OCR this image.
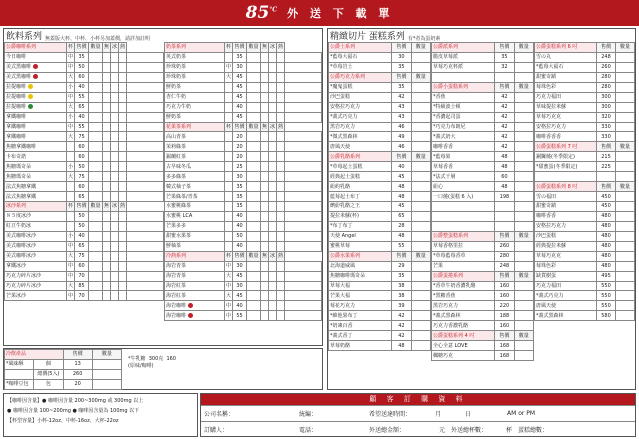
$85^{^\circ C}$ 外 送 下 載 單
飲料系列 無蓋版大杯、中杯、小杯另加蓋價，請詳加註明
公爵咖啡系列	杯	售價	數量	無	冰	熱	
今日咖啡	中	35					
美式黑咖啡	中	50					
美式黑咖啡	大	60					
拉提咖啡	小	40					
拉提咖啡	中	55					
拉提咖啡	大	65					
拿鐵咖啡	小	40					
拿鐵咖啡	中	55					
拿鐵咖啡	大	75					
焦糖拿鐵咖啡		60					
卡布奇諾		60					
焦糖瑪奇朵	小	50					
焦糖瑪奇朵	大	75					
法式焦糖拿鐵		60					
法式焦糖拿鐵		65					
冰沙系列	杯	售價	數量	無	冰	熱	
８５度冰沙		50					
紅豆牛奶冰		50					
美式咖啡冰沙	小	40					
美式咖啡冰沙	中	65					
美式咖啡冰沙	大	75					
拿鐵冰沙	中	60					
巧克力碎片冰沙	中	70					
巧克力碎片冰沙	大	85					
芒果冰沙	中	70					
奶茶系列	杯	售價	數量	無	冰	熱	
英式奶茶		35					
珍珠奶茶	中	30					
珍珠奶茶	大	45					
鮮奶茶		45					
杏仁牛奶		45					
巧克力牛奶		40					
鮮奶茶		45					
花果茶系列	杯	售價	數量	無	冰	熱	
高山青茶		20					
茉莉綠茶		20					
錫蘭紅茶		20					
古早味冬瓜		25					
多多綠茶		30					
韓式柚子茶		35					
芒果綠茶/青茶		35					
水蜜桃綠茶		35					
水蜜桃 LCA		40					
芒果多多		40					
甜蜜水果茶		50					
鮮柚茶		40					
冷熱系列	杯	售價	數量	無	冰	熱	
海岩青茶	中	30					
海岩青茶	大	45					
海岩紅茶	中	30					
海岩紅茶	大	45					
海岩咖啡	中	40					
海岩咖啡	中	55					
冷飲產品		售價	數量
*風味酥	個	13	
	總價(5入)	260	
*咖啡豆包	包	20	
*牛乳糖 300克 160
(原味/咖啡)
精緻切片 蛋糕系列 有*者為蛋奶素
公爵土系列	售價	數量
*藍莓大福石	30	
*草莓岩土	35	
公爵巧克力系列	售價	數量
*魔鬼蛋糕	35	
沙巴蛋糕	42	
安格拉巧克力	43	
*義式巧克力	43	
黑岩巧克力	46	
*微式黑森林	49	
唐風天使	46	
公爵乳酪系列	售價	數量
*草莓起士蛋糕	40	
經典起士蛋糕	45	
紐約乳酪	48	
藍莓起士布丁	48	
繽紛乳酪之王	45	
提拉米蘇(杯)	65	
*布丁布丁	28	
天使 Angel	48	
蜜桃草莓	55	
公爵水果系列	售價	數量
北海道威風	29	
焦糖咖啡瑪奇朵	35	
草莓大福	38	
芒果大福	38	
莓花巧克力	39	
*維他果布丁	42	
*奶凍百香	42	
*義式香丁	42	
草莓奶酪	48	
公爵派系列	售價	數量
脆皮草莓派	35	
草莓巧克杯派	32	

公爵小蛋糕系列	售價	數量
*香蕉	42	
*特級波士頓	42	
*香濃起司蛋	42	
*巧克力布朗尼	42	
*義式奶大	42	
咖啡香香	42	
*藍莓果	48	
草莓香香	48	
*法式千層	60	
紐心	48	
一口燒(蛋糕 6 入)	198	

公爵整蛋糕系列	售價	數量
草莓香格里拉	260	
*草莓藍莓香草	280	
芒果	248	
公爵蛋捲系列	售價	數量
*香草牛奶香濃乳酪	160	
*黑糖香蕉	160	
黑岩巧克力	220	
*義式黑森林	188	
巧克力香濃乳酪	160	
公爵蛋糕系列 4 吋	售價	數量
全心全意 LOVE	168	
楓糖巧克	168	
公爵蛋糕系列 6 吋	售價	數量
雪の丸	248	
*藍莓大福石	260	
甜蜜奇蹟	280	
莓珠色彩	280	
巧克力福田	300	
草味提拉米蘇	300	
草莓巧克克	320	
安格拉巧克力	330	
咖啡香香香	330	
公爵蛋糕系列 7 吋	售價	數量
銅鑼燒(冬季限定)	215	
*甜蜜蛋(冬季限定)	225	

公爵蛋糕系列 8 吋	售價	數量
雪の福田	450	
甜蜜奇蹟	450	
咖啡香香	480	
安格拉巧克力	480	
沙巴蛋糕	480	
經典提拉米蘇	480	
草莓巧克克	480	
莓珠色彩	480	
缺貨樹蛋	495	
巧克力福田	550	
*義式巧克力	550	
唐風天使	550	
*義式黑森林	580	
【咖啡因含量】● 咖啡因含量 200~300mg 或 300mg 以上
● 咖啡因含量 100~200mg ● 咖啡因含量為 100mg 以下
【杯型容量】小杯-12oz、中杯-16oz、大杯-22oz
顧 客 訂 購 資 料
公司名稱：	統編：	希望送達時間：	月	日	AM or PM
訂購人：	電話：	外送總金額：	元	外送總杯數：	杯	蛋糕總數：
